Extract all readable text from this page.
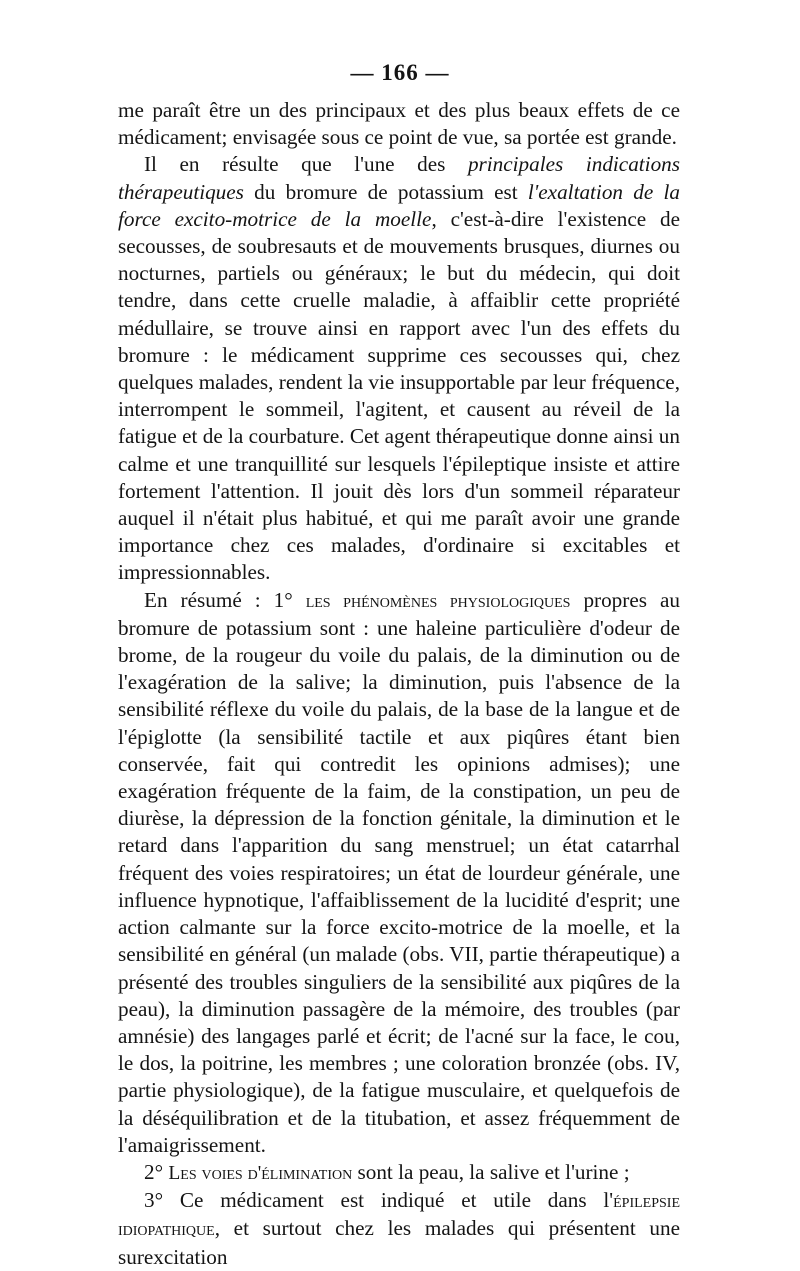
— 166 —

me paraît être un des principaux et des plus beaux effets de ce médicament; envisagée sous ce point de vue, sa portée est grande.

Il en résulte que l'une des principales indications thérapeutiques du bromure de potassium est l'exaltation de la force excito-motrice de la moelle, c'est-à-dire l'existence de secousses, de soubresauts et de mouvements brusques, diurnes ou nocturnes, partiels ou généraux; le but du médecin, qui doit tendre, dans cette cruelle maladie, à affaiblir cette propriété médullaire, se trouve ainsi en rapport avec l'un des effets du bromure : le médicament supprime ces secousses qui, chez quelques malades, rendent la vie insupportable par leur fréquence, interrompent le sommeil, l'agitent, et causent au réveil de la fatigue et de la courbature. Cet agent thérapeutique donne ainsi un calme et une tranquillité sur lesquels l'épileptique insiste et attire fortement l'attention. Il jouit dès lors d'un sommeil réparateur auquel il n'était plus habitué, et qui me paraît avoir une grande importance chez ces malades, d'ordinaire si excitables et impressionnables.

En résumé : 1° les phénomènes physiologiques propres au bromure de potassium sont : une haleine particulière d'odeur de brome, de la rougeur du voile du palais, de la diminution ou de l'exagération de la salive; la diminution, puis l'absence de la sensibilité réflexe du voile du palais, de la base de la langue et de l'épiglotte (la sensibilité tactile et aux piqûres étant bien conservée, fait qui contredit les opinions admises); une exagération fréquente de la faim, de la constipation, un peu de diurèse, la dépression de la fonction génitale, la diminution et le retard dans l'apparition du sang menstruel; un état catarrhal fréquent des voies respiratoires; un état de lourdeur générale, une influence hypnotique, l'affaiblissement de la lucidité d'esprit; une action calmante sur la force excito-motrice de la moelle, et la sensibilité en général (un malade (obs. VII, partie thérapeutique) a présenté des troubles singuliers de la sensibilité aux piqûres de la peau), la diminution passagère de la mémoire, des troubles (par amnésie) des langages parlé et écrit; de l'acné sur la face, le cou, le dos, la poitrine, les membres ; une coloration bronzée (obs. IV, partie physiologique), de la fatigue musculaire, et quelquefois de la déséquilibration et de la titubation, et assez fréquemment de l'amaigrissement.

2° Les voies d'élimination sont la peau, la salive et l'urine ;

3° Ce médicament est indiqué et utile dans l'épilepsie idiopathique, et surtout chez les malades qui présentent une surexcitation
